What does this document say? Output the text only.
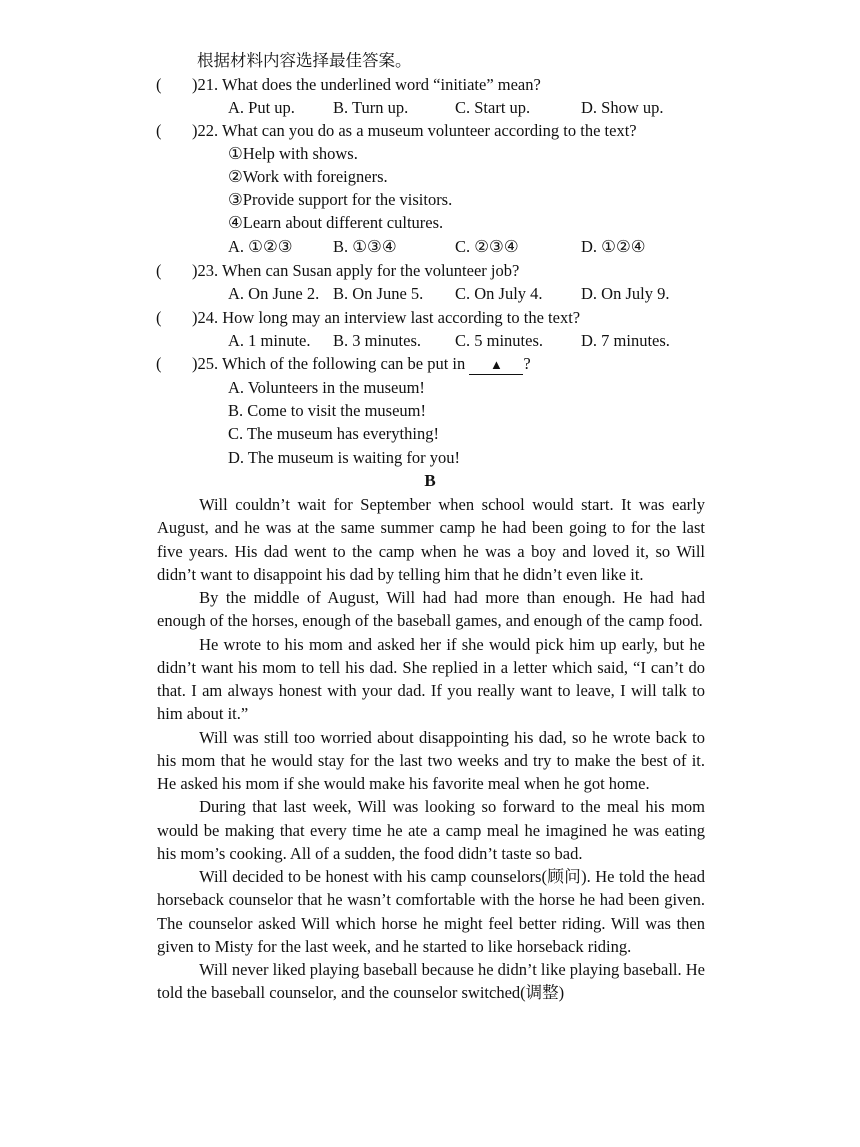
根据材料内容选择最佳答案。
( )21. What does the underlined word “initiate” mean?
A. Put up. B. Turn up.	C. Start up.	D. Show up.
( )22. What can you do as a museum volunteer according to the text?
①Help with shows.
②Work with foreigners.
③Provide support for the visitors.
④Learn about different cultures.
A. ①②③ B. ①③④	C. ②③④	D. ①②④
( )23. When can Susan apply for the volunteer job?
A. On June 2. B. On June 5. C. On July 4. D. On July 9.
( )24. How long may an interview last according to the text?
A. 1 minute. B. 3 minutes. C. 5 minutes. D. 7 minutes.
( )25. Which of the following can be put in ▲ ?
A. Volunteers in the museum!
B. Come to visit the museum!
C. The museum has everything!
D. The museum is waiting for you!
B

Will couldn’t wait for September when school would start. It was early August, and he was at the same summer camp he had been going to for the last five years. His dad went to the camp when he was a boy and loved it, so Will didn’t want to disappoint his dad by telling him that he didn’t even like it.

By the middle of August, Will had had more than enough. He had had enough of the horses, enough of the baseball games, and enough of the camp food.

He wrote to his mom and asked her if she would pick him up early, but he didn’t want his mom to tell his dad. She replied in a letter which said, “I can’t do that. I am always honest with your dad. If you really want to leave, I will talk to him about it.”

Will was still too worried about disappointing his dad, so he wrote back to his mom that he would stay for the last two weeks and try to make the best of it. He asked his mom if she would make his favorite meal when he got home.

During that last week, Will was looking so forward to the meal his mom would be making that every time he ate a camp meal he imagined he was eating his mom’s cooking. All of a sudden, the food didn’t taste so bad.

Will decided to be honest with his camp counselors(顾问). He told the head horseback counselor that he wasn’t comfortable with the horse he had been given. The counselor asked Will which horse he might feel better riding. Will was then given to Misty for the last week, and he started to like horseback riding.

Will never liked playing baseball because he didn’t like playing baseball. He told the baseball counselor, and the counselor switched(调整)
